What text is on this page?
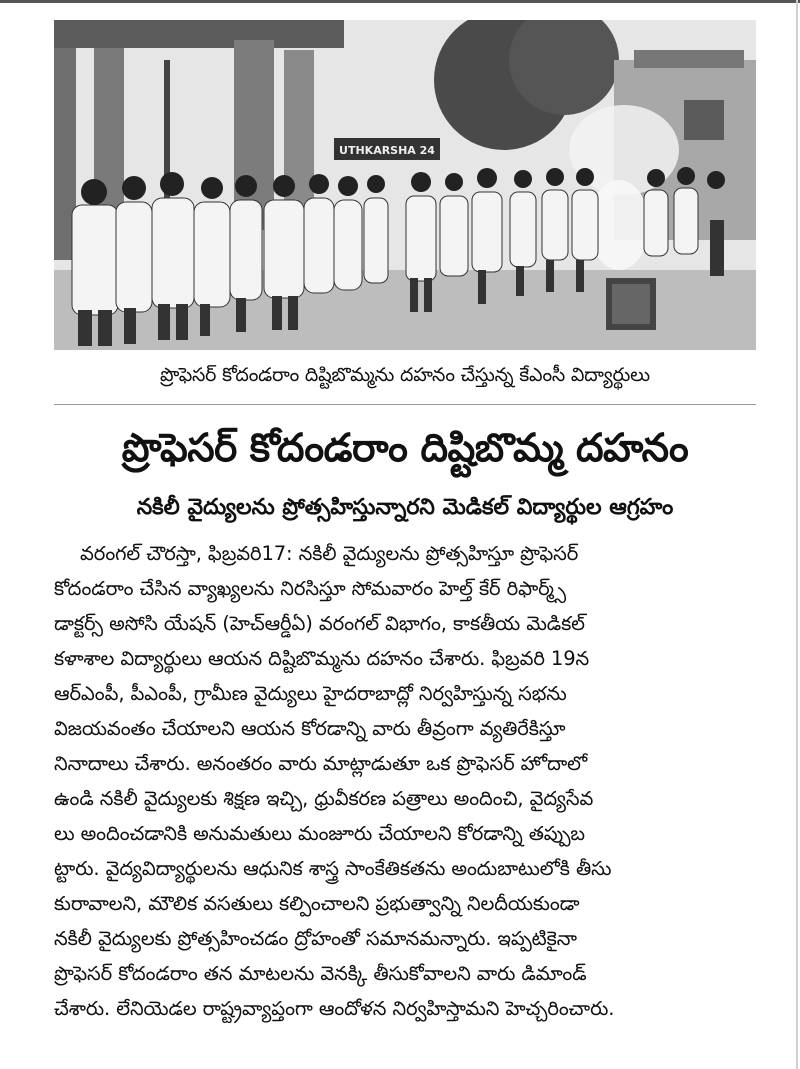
UTHKARSHA 24
ప్రొఫెసర్ కోదండరాం దిష్టిబొమ్మను దహనం చేస్తున్న కేఎంసీ విద్యార్థులు
ప్రొఫెసర్ కోదండరాం దిష్టిబొమ్మ దహనం
నకిలీ వైద్యులను ప్రోత్సహిస్తున్నారని మెడికల్ విద్యార్థుల ఆగ్రహం
వరంగల్ చౌరస్తా, ఫిబ్రవరి17: నకిలీ వైద్యులను ప్రోత్సహిస్తూ ప్రొఫెసర్
కోదండరాం చేసిన వ్యాఖ్యలను నిరసిస్తూ సోమవారం హెల్త్ కేర్ రిఫార్మ్స్
డాక్టర్స్ అసోసి యేషన్ (హెచ్ఆర్డీఏ) వరంగల్ విభాగం, కాకతీయ మెడికల్
కళాశాల విద్యార్థులు ఆయన దిష్టిబొమ్మను దహనం చేశారు. ఫిబ్రవరి 19న
ఆర్ఎంపీ, పీఎంపీ, గ్రామీణ వైద్యులు హైదరాబాద్లో నిర్వహిస్తున్న సభను
విజయవంతం చేయాలని ఆయన కోరడాన్ని వారు తీవ్రంగా వ్యతిరేకిస్తూ
నినాదాలు చేశారు. అనంతరం వారు మాట్లాడుతూ ఒక ప్రొఫెసర్ హోదాలో
ఉండి నకిలీ వైద్యులకు శిక్షణ ఇచ్చి, ధ్రువీకరణ పత్రాలు అందించి, వైద్యసేవ
లు అందించడానికి అనుమతులు మంజూరు చేయాలని కోరడాన్ని తప్పుబ
ట్టారు. వైద్యవిద్యార్థులను ఆధునిక శాస్త్ర సాంకేతికతను అందుబాటులోకి తీసు
కురావాలని, మౌలిక వసతులు కల్పించాలని ప్రభుత్వాన్ని నిలదీయకుండా
నకిలీ వైద్యులకు ప్రోత్సహించడం ద్రోహంతో సమానమన్నారు. ఇప్పటికైనా
ప్రొఫెసర్ కోదండరాం తన మాటలను వెనక్కి తీసుకోవాలని వారు డిమాండ్
చేశారు. లేనియెడల రాష్ట్రవ్యాప్తంగా ఆందోళన నిర్వహిస్తామని హెచ్చరించారు.
